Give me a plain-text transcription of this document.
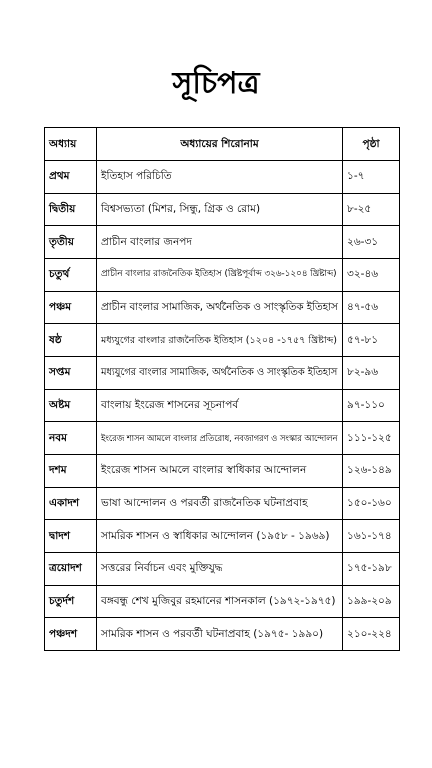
সূচিপত্র
অধ্যায়	অধ্যায়ের শিরোনাম	পৃষ্ঠা
প্রথম	ইতিহাস পরিচিতি	১-৭
দ্বিতীয়	বিশ্বসভ্যতা (মিশর, সিন্ধু, গ্রিক ও রোম)	৮-২৫
তৃতীয়	প্রাচীন বাংলার জনপদ	২৬-৩১
চতুর্থ	প্রাচীন বাংলার রাজনৈতিক ইতিহাস (খ্রিষ্টপূর্বাব্দ ৩২৬-১২০৪ খ্রিষ্টাব্দ)	৩২-৪৬
পঞ্চম	প্রাচীন বাংলার সামাজিক, অর্থনৈতিক ও সাংস্কৃতিক ইতিহাস	৪৭-৫৬
ষষ্ঠ	মধ্যযুগের বাংলার রাজনৈতিক ইতিহাস (১২০৪ -১৭৫৭ খ্রিষ্টাব্দ)	৫৭-৮১
সপ্তম	মধ্যযুগের বাংলার সামাজিক, অর্থনৈতিক ও সাংস্কৃতিক ইতিহাস	৮২-৯৬
অষ্টম	বাংলায় ইংরেজ শাসনের সূচনাপর্ব	৯৭-১১০
নবম	ইংরেজ শাসন আমলে বাংলার প্রতিরোধ, নবজাগরণ ও সংস্কার আন্দোলন	১১১-১২৫
দশম	ইংরেজ শাসন আমলে বাংলার স্বাধিকার আন্দোলন	১২৬-১৪৯
একাদশ	ভাষা আন্দোলন ও পরবর্তী রাজনৈতিক ঘটনাপ্রবাহ	১৫০-১৬০
দ্বাদশ	সামরিক শাসন ও স্বাধিকার আন্দোলন (১৯৫৮ - ১৯৬৯)	১৬১-১৭৪
ত্রয়োদশ	সত্তরের নির্বাচন এবং মুক্তিযুদ্ধ	১৭৫-১৯৮
চতুর্দশ	বঙ্গবন্ধু শেখ মুজিবুর রহমানের শাসনকাল (১৯৭২-১৯৭৫)	১৯৯-২০৯
পঞ্চদশ	সামরিক শাসন ও পরবর্তী ঘটনাপ্রবাহ (১৯৭৫- ১৯৯০)	২১০-২২৪
